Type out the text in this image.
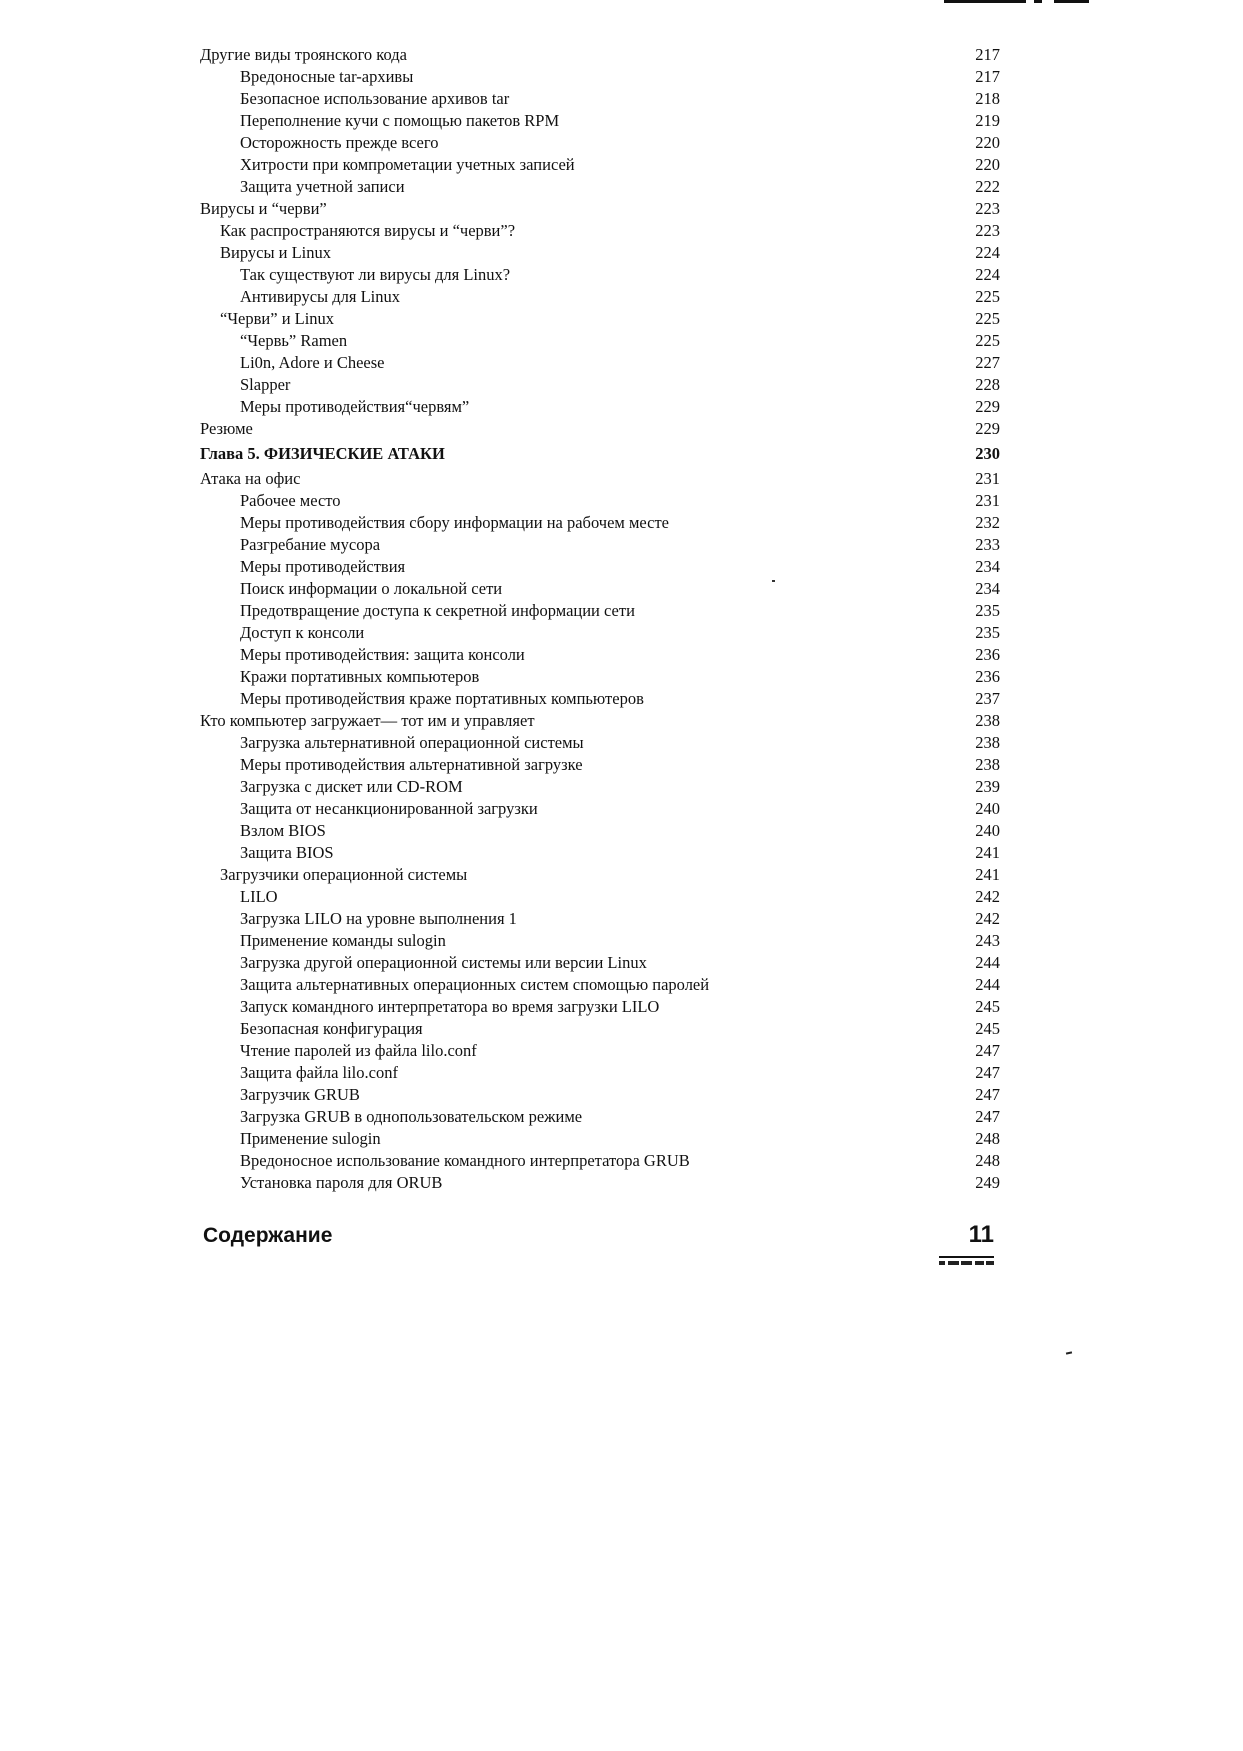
Другие виды троянского кода	217
Вредоносные tar-архивы	217
Безопасное использование архивов tar	218
Переполнение кучи с помощью пакетов RPM	219
Осторожность прежде всего	220
Хитрости при компрометации учетных записей	220
Защита учетной записи	222
Вирусы и “черви”	223
Как распространяются вирусы и “черви”?	223
Вирусы и Linux	224
Так существуют ли вирусы для Linux?	224
Антивирусы для Linux	225
“Черви” и Linux	225
“Червь” Ramen	225
Li0n, Adore и Cheese	227
Slapper	228
Меры противодействия“червям”	229
Резюме	229
Глава 5. ФИЗИЧЕСКИЕ АТАКИ	230
Атака на офис	231
Рабочее место	231
Меры противодействия сбору информации на рабочем месте	232
Разгребание мусора	233
Меры противодействия	234
Поиск информации о локальной сети	234
Предотвращение доступа к секретной информации сети	235
Доступ к консоли	235
Меры противодействия: защита консоли	236
Кражи портативных компьютеров	236
Меры противодействия краже портативных компьютеров	237
Кто компьютер загружает— тот им и управляет	238
Загрузка альтернативной операционной системы	238
Меры противодействия альтернативной загрузке	238
Загрузка с дискет или CD-ROM	239
Защита от несанкционированной загрузки	240
Взлом BIOS	240
Защита BIOS	241
Загрузчики операционной системы	241
LILO	242
Загрузка LILO на уровне выполнения 1	242
Применение команды sulogin	243
Загрузка другой операционной системы или версии Linux	244
Защита альтернативных операционных систем спомощью паролей	244
Запуск командного интерпретатора во время загрузки LILO	245
Безопасная конфигурация	245
Чтение паролей из файла lilo.conf	247
Защита файла lilo.conf	247
Загрузчик GRUB	247
Загрузка GRUB в однопользовательском режиме	247
Применение sulogin	248
Вредоносное использование командного интерпретатора GRUB	248
Установка пароля для ORUB	249
Содержание	11
